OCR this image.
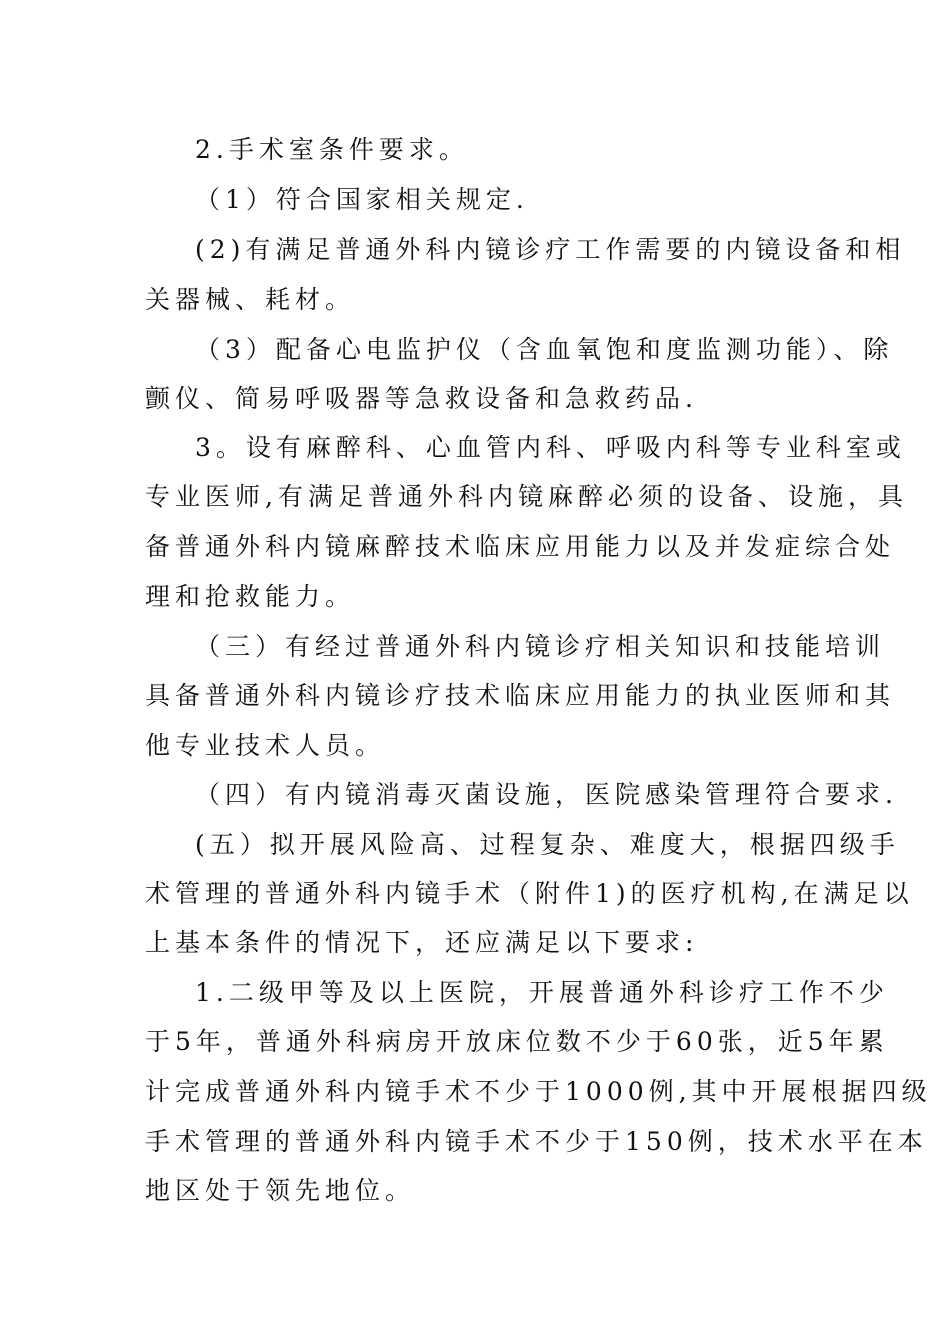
2.手术室条件要求。

（1）符合国家相关规定.

(2)有满足普通外科内镜诊疗工作需要的内镜设备和相

关器械、耗材。

（3）配备心电监护仪（含血氧饱和度监测功能）、除

颤仪、简易呼吸器等急救设备和急救药品.

3。设有麻醉科、心血管内科、呼吸内科等专业科室或

专业医师,有满足普通外科内镜麻醉必须的设备、设施，具

备普通外科内镜麻醉技术临床应用能力以及并发症综合处

理和抢救能力。

（三）有经过普通外科内镜诊疗相关知识和技能培训

具备普通外科内镜诊疗技术临床应用能力的执业医师和其

他专业技术人员。

（四）有内镜消毒灭菌设施，医院感染管理符合要求.

(五）拟开展风险高、过程复杂、难度大，根据四级手

术管理的普通外科内镜手术（附件1)的医疗机构,在满足以

上基本条件的情况下，还应满足以下要求:

1.二级甲等及以上医院，开展普通外科诊疗工作不少

于5年，普通外科病房开放床位数不少于60张，近5年累

计完成普通外科内镜手术不少于1000例,其中开展根据四级

手术管理的普通外科内镜手术不少于150例，技术水平在本

地区处于领先地位。
